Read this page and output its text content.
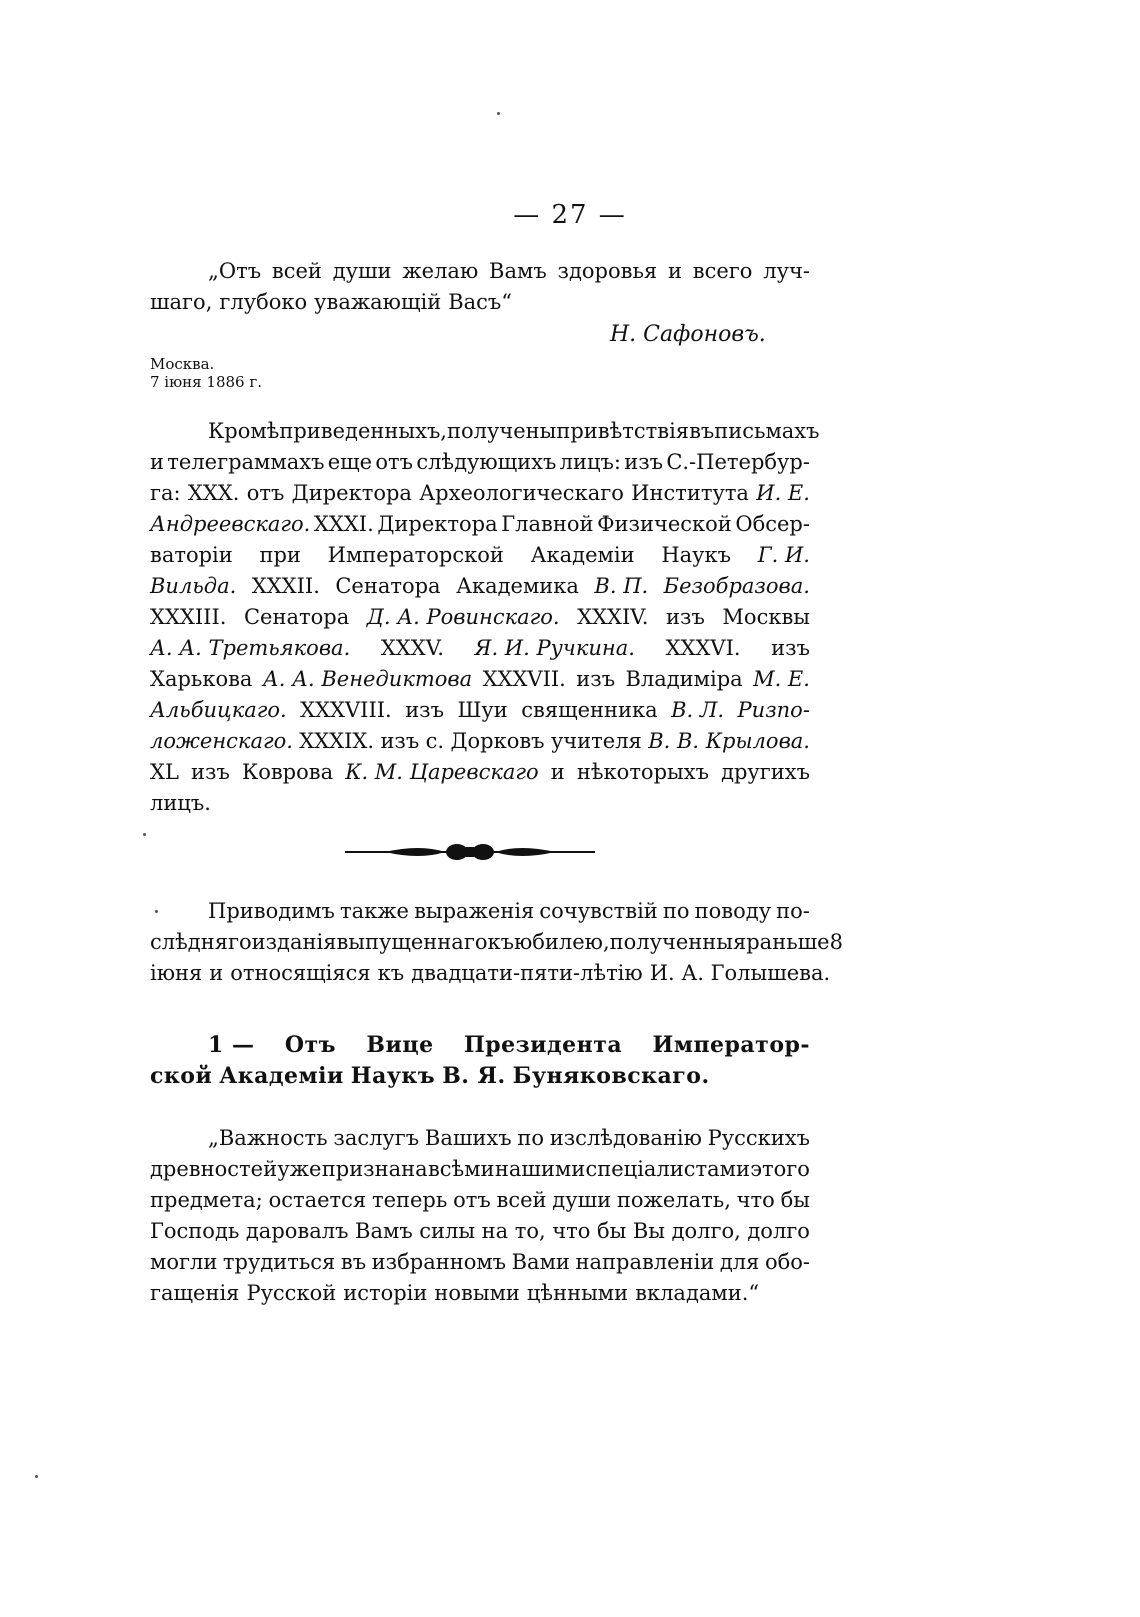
— 27 —
„Отъ всей души желаю Вамъ здоровья и всего луч-
шаго, глубоко уважающій Васъ“
Н. Сафоновъ.
Москва.
7 іюня 1886 г.
Кромѣ приведенныхъ, получены привѣтствія въ письмахъ
и телеграммахъ еще отъ слѣдующихъ лицъ: изъ С.-Петербур-
га: XXX. отъ Директора Археологическаго Института И. Е.
Андреевскаго. XXXI. Директора Главной Физической Обсер-
ваторіи при Императорской Академіи Наукъ Г. И.
Вильда. XXXII. Сенатора Академика В. П. Безобразова.
XXXIII. Сенатора Д. А. Ровинскаго. XXXIV. изъ Москвы
А. А. Третьякова. XXXV. Я. И. Ручкина. XXXVI. изъ
Харькова А. А. Венедиктова XXXVII. изъ Владиміра М. Е.
Альбицкаго. XXXVIII. изъ Шуи священника В. Л. Ризпо-
ложенскаго. XXXIX. изъ с. Дорковъ учителя В. В. Крылова.
XL изъ Коврова К. М. Царевскаго и нѣкоторыхъ другихъ
лицъ.
Приводимъ также выраженія сочувствій по поводу по-
слѣдняго изданія выпущеннаго къ юбилею, полученныя раньше 8
іюня и относящіяся къ двадцати-пяти-лѣтію И. А. Голышева.
1 — Отъ Вице Президента Император-
ской Академіи Наукъ В. Я. Буняковскаго.
„Важность заслугъ Вашихъ по изслѣдованію Русскихъ
древностей уже признана всѣми нашими спеціалистами этого
предмета; остается теперь отъ всей души пожелать, что бы
Господь даровалъ Вамъ силы на то, что бы Вы долго, долго
могли трудиться въ избранномъ Вами направленіи для обо-
гащенія Русской исторіи новыми цѣнными вкладами.“
